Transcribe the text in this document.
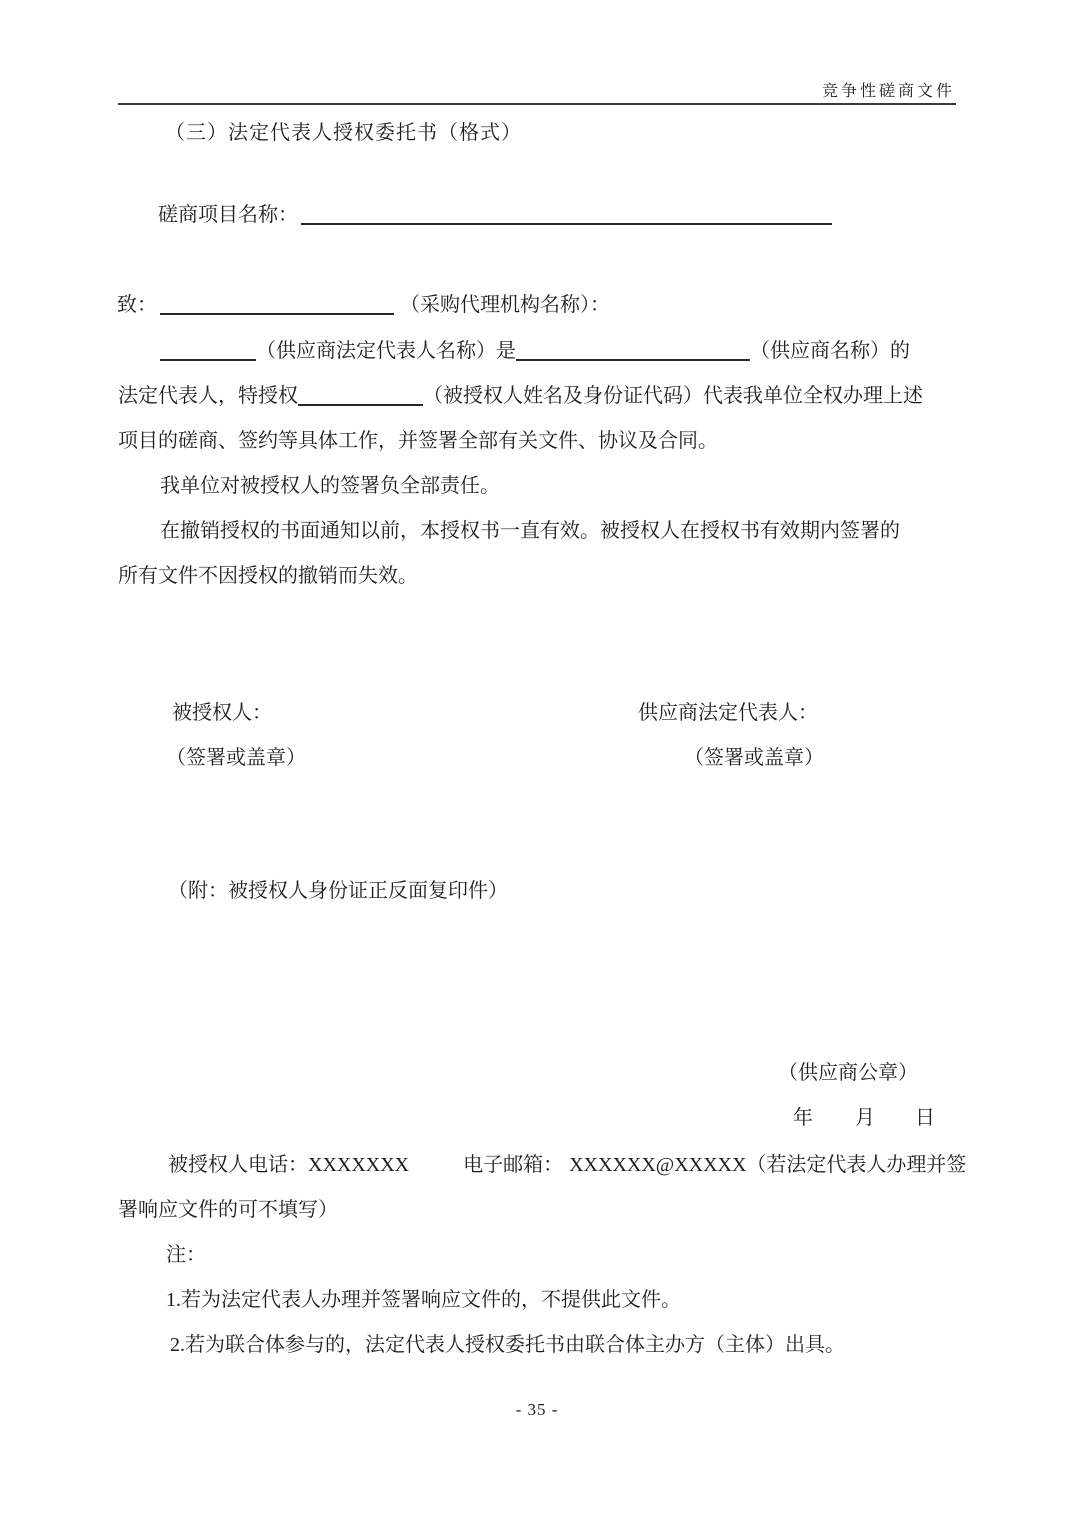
竞争性磋商文件
（三）法定代表人授权委托书（格式）
磋商项目名称：
致：	（采购代理机构名称）：
（供应商法定代表人名称）是	（供应商名称）的
法定代表人，特授权	（被授权人姓名及身份证代码）代表我单位全权办理上述
项目的磋商、签约等具体工作，并签署全部有关文件、协议及合同。
我单位对被授权人的签署负全部责任。
在撤销授权的书面通知以前，本授权书一直有效。被授权人在授权书有效期内签署的
所有文件不因授权的撤销而失效。
被授权人：	供应商法定代表人：
（签署或盖章）	（签署或盖章）
（附：被授权人身份证正反面复印件）
（供应商公章）
年 月 日
被授权人电话：XXXXXXX	电子邮箱： XXXXXX@XXXXX（若法定代表人办理并签
署响应文件的可不填写）
注：
1.若为法定代表人办理并签署响应文件的，不提供此文件。
2.若为联合体参与的，法定代表人授权委托书由联合体主办方（主体）出具。
- 35 -
